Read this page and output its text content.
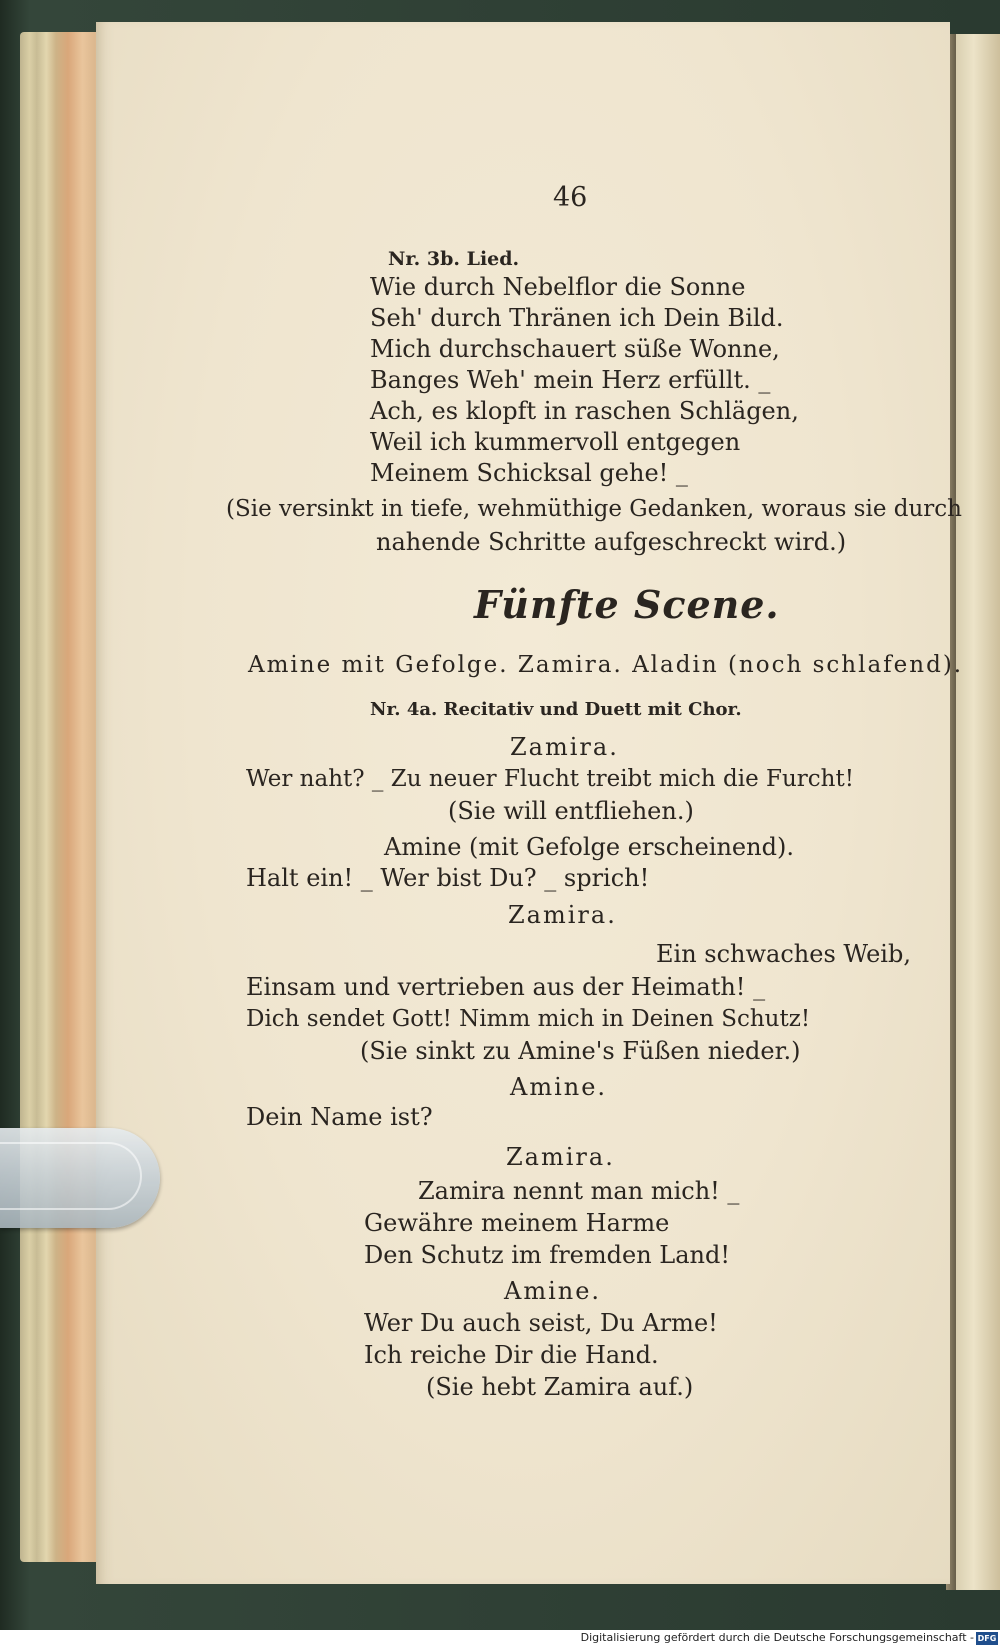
46
Nr. 3b. Lied.
Wie durch Nebelflor die Sonne
Seh' durch Thränen ich Dein Bild.
Mich durchschauert süße Wonne,
Banges Weh' mein Herz erfüllt. _
Ach, es klopft in raschen Schlägen,
Weil ich kummervoll entgegen
Meinem Schicksal gehe! _
(Sie versinkt in tiefe, wehmüthige Gedanken, woraus sie durch
nahende Schritte aufgeschreckt wird.)
Fünfte Scene.
Amine mit Gefolge. Zamira. Aladin (noch schlafend).
Nr. 4a. Recitativ und Duett mit Chor.
Zamira.
Wer naht? _ Zu neuer Flucht treibt mich die Furcht!
(Sie will entfliehen.)
Amine (mit Gefolge erscheinend).
Halt ein! _ Wer bist Du? _ sprich!
Zamira.
Ein schwaches Weib,
Einsam und vertrieben aus der Heimath! _
Dich sendet Gott! Nimm mich in Deinen Schutz!
(Sie sinkt zu Amine's Füßen nieder.)
Amine.
Dein Name ist?
Zamira.
Zamira nennt man mich! _
Gewähre meinem Harme
Den Schutz im fremden Land!
Amine.
Wer Du auch seist, Du Arme!
Ich reiche Dir die Hand.
(Sie hebt Zamira auf.)
Digitalisierung gefördert durch die Deutsche Forschungsgemeinschaft - DFG
